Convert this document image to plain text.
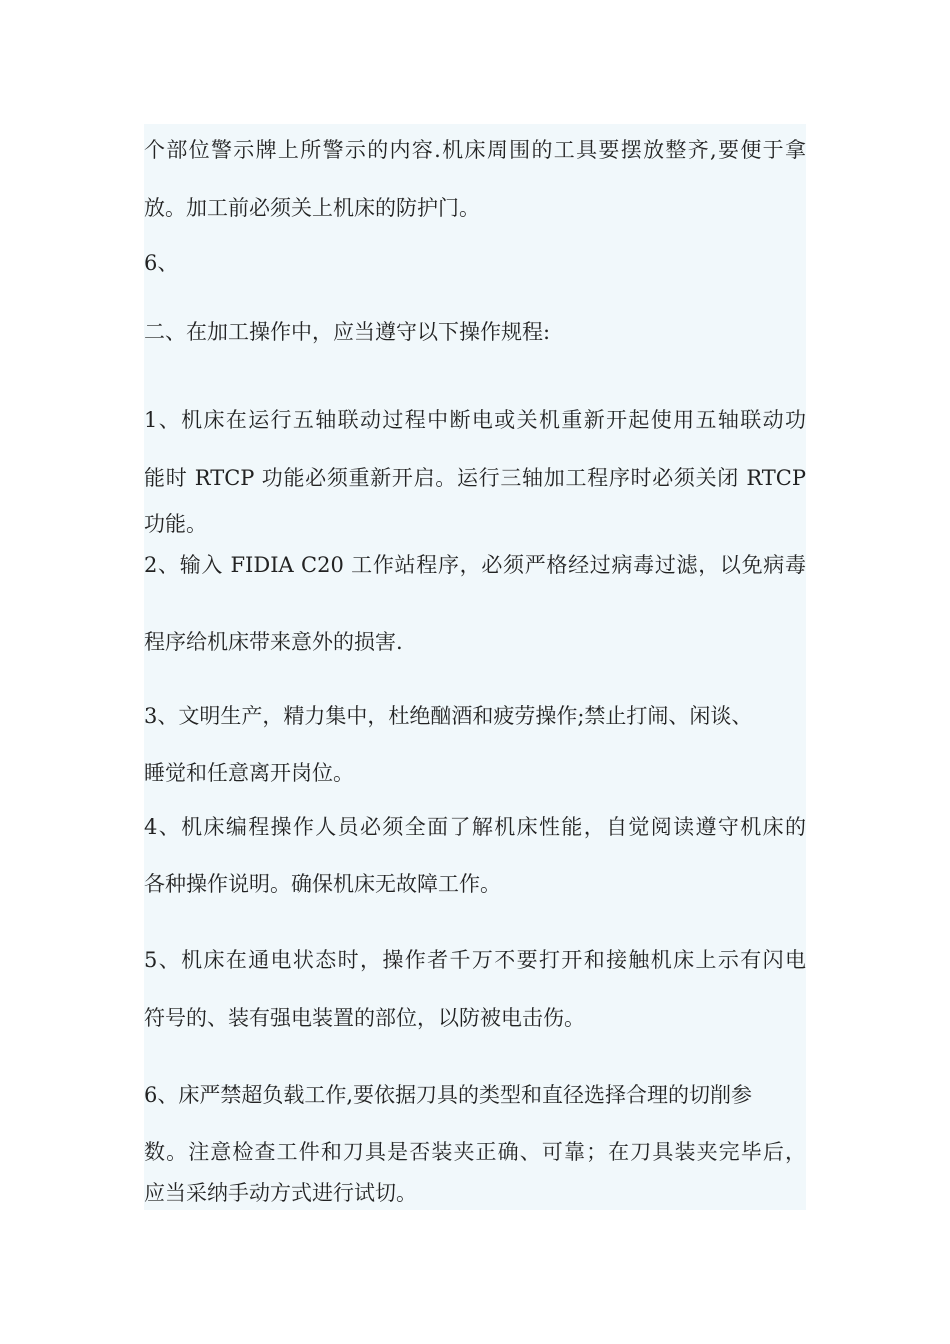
个部位警示牌上所警示的内容.机床周围的工具要摆放整齐,要便于拿

放。加工前必须关上机床的防护门。

6、

二、在加工操作中，应当遵守以下操作规程:

1、机床在运行五轴联动过程中断电或关机重新开起使用五轴联动功

能时 RTCP 功能必须重新开启。运行三轴加工程序时必须关闭 RTCP

功能。

2、输入 FIDIA C20 工作站程序，必须严格经过病毒过滤，以免病毒

程序给机床带来意外的损害.

3、文明生产，精力集中，杜绝酗酒和疲劳操作;禁止打闹、闲谈、

睡觉和任意离开岗位。

4、机床编程操作人员必须全面了解机床性能，自觉阅读遵守机床的

各种操作说明。确保机床无故障工作。

5、机床在通电状态时，操作者千万不要打开和接触机床上示有闪电

符号的、装有强电装置的部位，以防被电击伤。

6、床严禁超负载工作,要依据刀具的类型和直径选择合理的切削参

数。注意检查工件和刀具是否装夹正确、可靠；在刀具装夹完毕后，

应当采纳手动方式进行试切。
